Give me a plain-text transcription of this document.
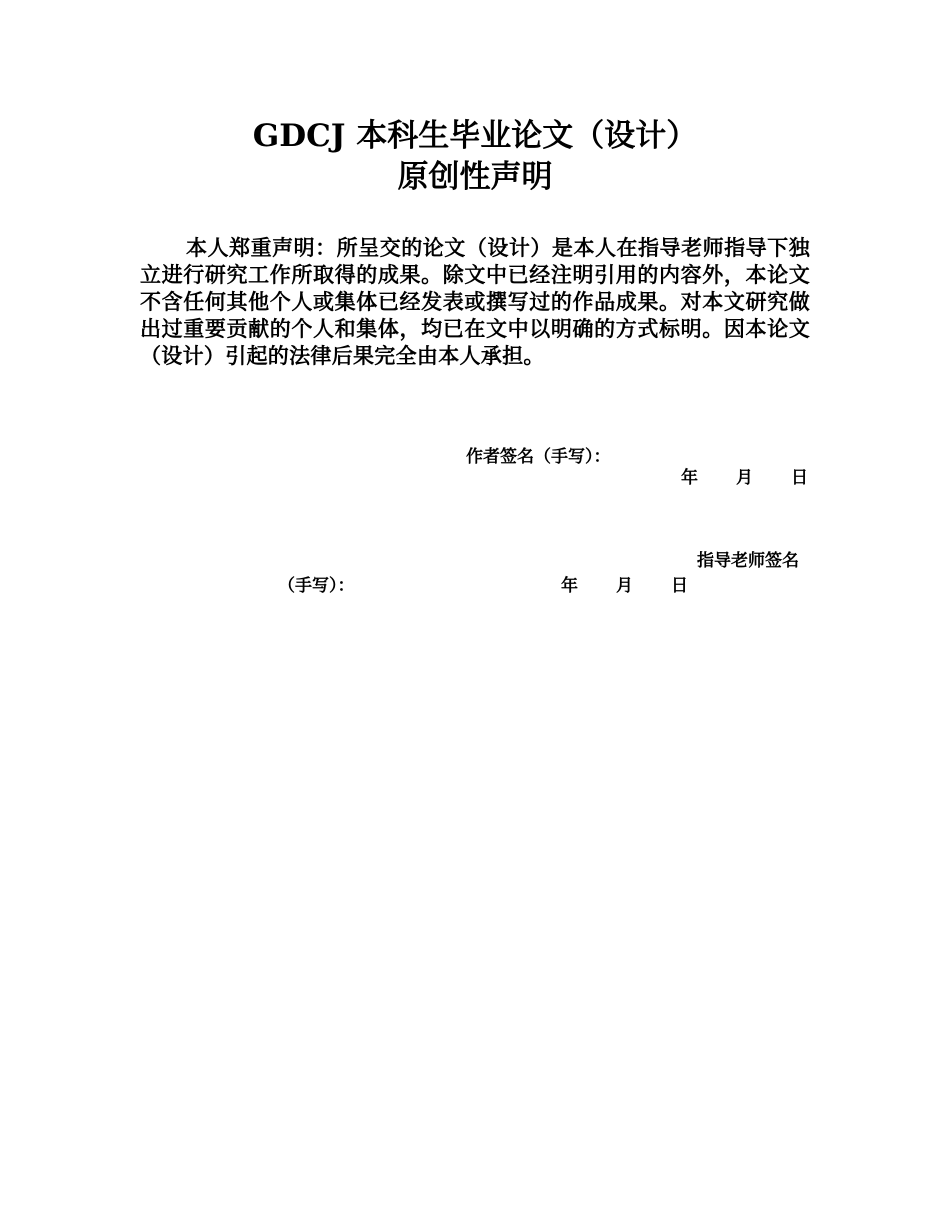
GDCJ 本科生毕业论文（设计）
原创性声明
本人郑重声明：所呈交的论文（设计）是本人在指导老师指导下独立进行研究工作所取得的成果。除文中已经注明引用的内容外，本论文不含任何其他个人或集体已经发表或撰写过的作品成果。对本文研究做出过重要贡献的个人和集体，均已在文中以明确的方式标明。因本论文（设计）引起的法律后果完全由本人承担。
作者签名（手写）：
年 月 日
指导老师签名
（手写）：	年 月 日
